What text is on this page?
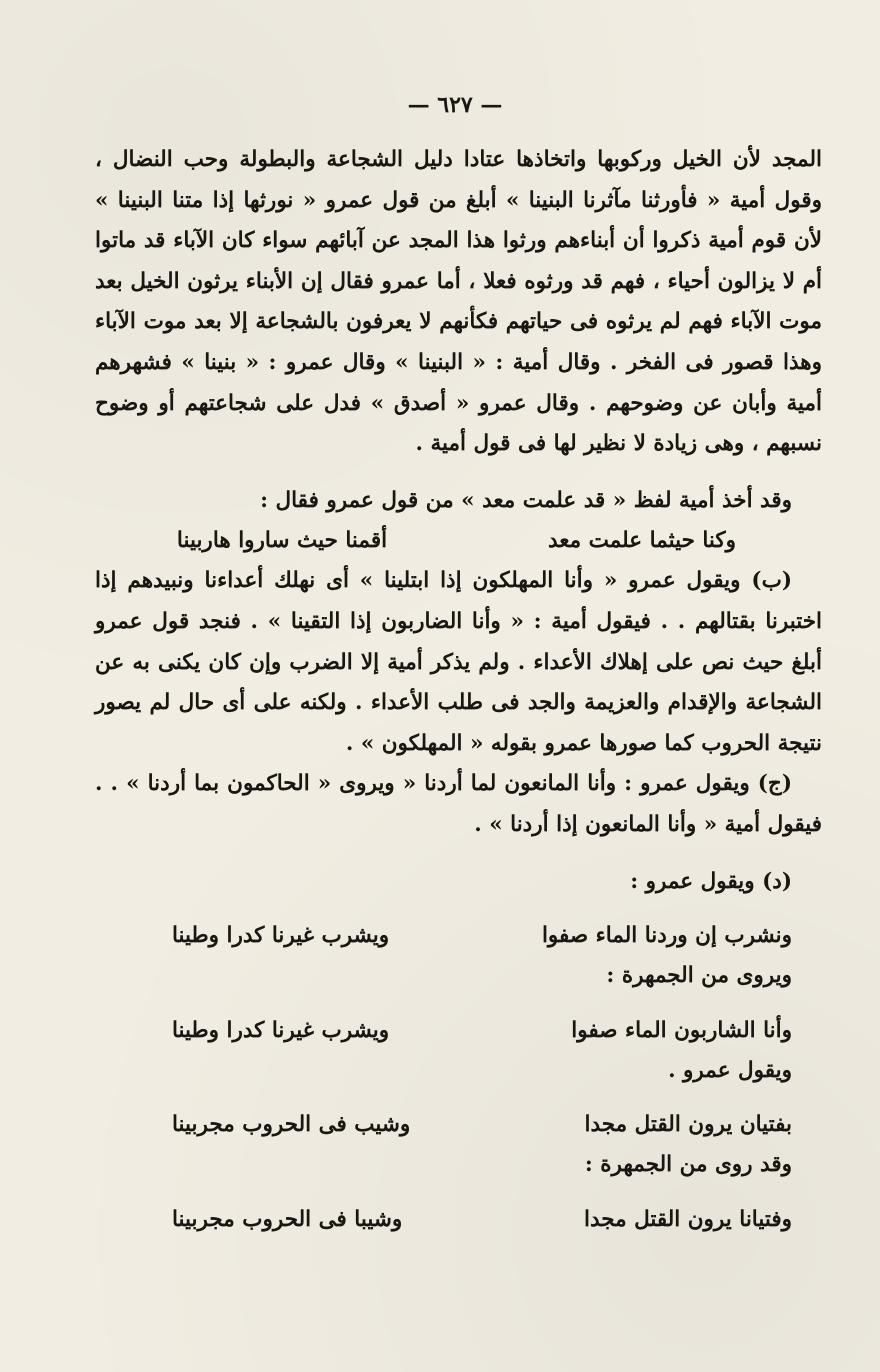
— ٦٢٧ —

المجد لأن الخيل وركوبها واتخاذها عتادا دليل الشجاعة والبطولة وحب النضال ، وقول أمية « فأورثنا مآثرنا البنينا » أبلغ من قول عمرو « نورثها إذا متنا البنينا » لأن قوم أمية ذكروا أن أبناءهم ورثوا هذا المجد عن آبائهم سواء كان الآباء قد ماتوا أم لا يزالون أحياء ، فهم قد ورثوه فعلا ، أما عمرو فقال إن الأبناء يرثون الخيل بعد موت الآباء فهم لم يرثوه فى حياتهم فكأنهم لا يعرفون بالشجاعة إلا بعد موت الآباء وهذا قصور فى الفخر . وقال أمية : « البنينا » وقال عمرو : « بنينا » فشهرهم أمية وأبان عن وضوحهم . وقال عمرو « أصدق » فدل على شجاعتهم أو وضوح نسبهم ، وهى زيادة لا نظير لها فى قول أمية .

وقد أخذ أمية لفظ « قد علمت معد » من قول عمرو فقال :

وكنا حيثما علمت معد
أقمنا حيث ساروا هاربينا

(ب) ويقول عمرو « وأنا المهلكون إذا ابتلينا » أى نهلك أعداءنا ونبيدهم إذا اختبرنا بقتالهم . . فيقول أمية : « وأنا الضاربون إذا التقينا » . فنجد قول عمرو أبلغ حيث نص على إهلاك الأعداء . ولم يذكر أمية إلا الضرب وإن كان يكنى به عن الشجاعة والإقدام والعزيمة والجد فى طلب الأعداء . ولكنه على أى حال لم يصور نتيجة الحروب كما صورها عمرو بقوله « المهلكون » .

(ج) ويقول عمرو : وأنا المانعون لما أردنا « ويروى « الحاكمون بما أردنا » . . فيقول أمية « وأنا المانعون إذا أردنا » .

(د) ويقول عمرو :

ونشرب إن وردنا الماء صفوا
ويشرب غيرنا كدرا وطينا

ويروى من الجمهرة :

وأنا الشاربون الماء صفوا
ويشرب غيرنا كدرا وطينا

ويقول عمرو .

بفتيان يرون القتل مجدا
وشيب فى الحروب مجربينا

وقد روى من الجمهرة :

وفتيانا يرون القتل مجدا
وشيبا فى الحروب مجربينا
